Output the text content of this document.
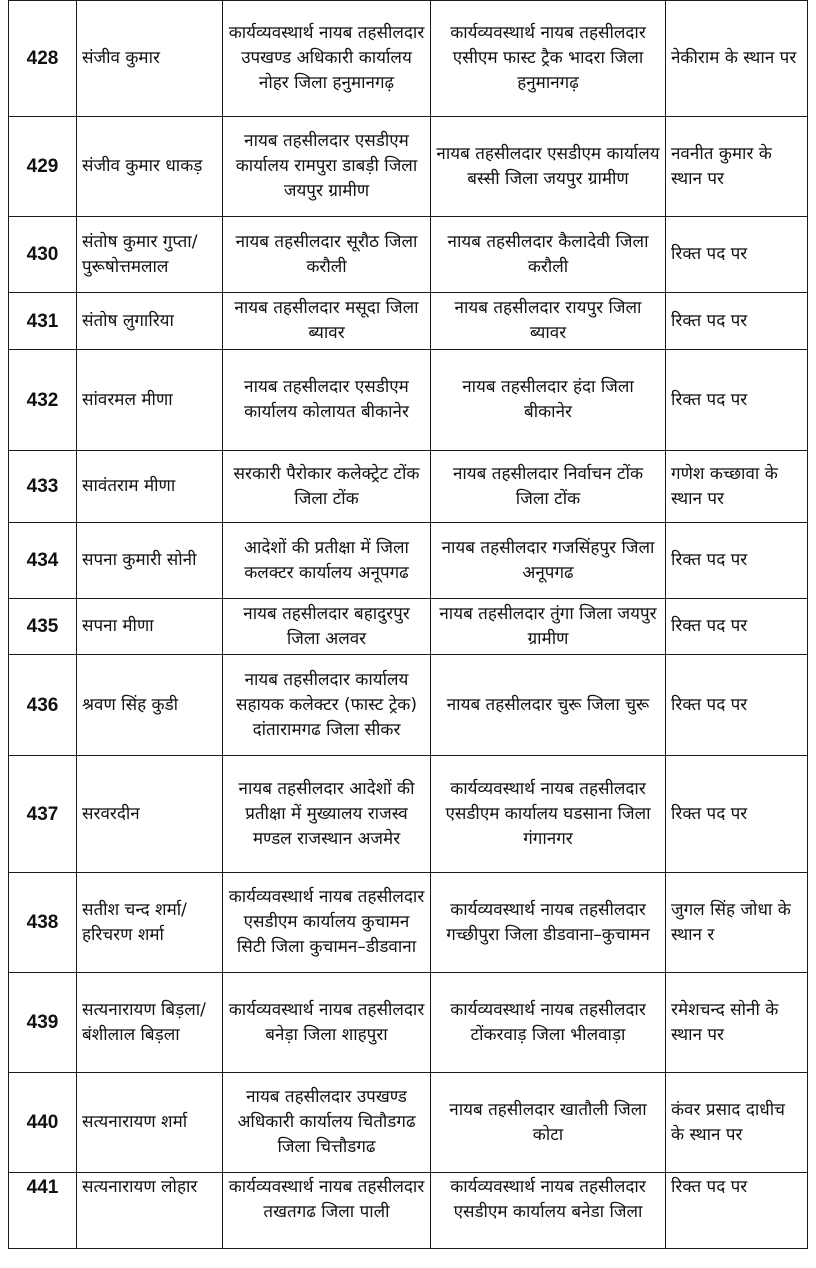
428	संजीव कुमार	कार्यव्यवस्थार्थ नायब तहसीलदार उपखण्ड अधिकारी कार्यालय नोहर जिला हनुमानगढ़	कार्यव्यवस्थार्थ नायब तहसीलदार एसीएम फास्ट ट्रैक भादरा जिला हनुमानगढ़	नेकीराम के स्थान पर
429	संजीव कुमार धाकड़	नायब तहसीलदार एसडीएम कार्यालय रामपुरा डाबड़ी जिला जयपुर ग्रामीण	नायब तहसीलदार एसडीएम कार्यालय बस्सी जिला जयपुर ग्रामीण	नवनीत कुमार के स्थान पर
430	संतोष कुमार गुप्ता/ पुरूषोत्तमलाल	नायब तहसीलदार सूरौठ जिला करौली	नायब तहसीलदार कैलादेवी जिला करौली	रिक्त पद पर
431	संतोष लुगारिया	नायब तहसीलदार मसूदा जिला ब्यावर	नायब तहसीलदार रायपुर जिला ब्यावर	रिक्त पद पर
432	सांवरमल मीणा	नायब तहसीलदार एसडीएम कार्यालय कोलायत बीकानेर	नायब तहसीलदार हंदा जिला बीकानेर	रिक्त पद पर
433	सावंतराम मीणा	सरकारी पैरोकार कलेक्ट्रेट टोंक जिला टोंक	नायब तहसीलदार निर्वाचन टोंक जिला टोंक	गणेश कच्छावा के स्थान पर
434	सपना कुमारी सोनी	आदेशों की प्रतीक्षा में जिला कलक्टर कार्यालय अनूपगढ	नायब तहसीलदार गजसिंहपुर जिला अनूपगढ	रिक्त पद पर
435	सपना मीणा	नायब तहसीलदार बहादुरपुर जिला अलवर	नायब तहसीलदार तुंगा जिला जयपुर ग्रामीण	रिक्त पद पर
436	श्रवण सिंह कुडी	नायब तहसीलदार कार्यालय सहायक कलेक्टर (फास्ट ट्रेक) दांतारामगढ जिला सीकर	नायब तहसीलदार चुरू जिला चुरू	रिक्त पद पर
437	सरवरदीन	नायब तहसीलदार आदेशों की प्रतीक्षा में मुख्यालय राजस्व मण्डल राजस्थान अजमेर	कार्यव्यवस्थार्थ नायब तहसीलदार एसडीएम कार्यालय घडसाना जिला गंगानगर	रिक्त पद पर
438	सतीश चन्द शर्मा/हरिचरण शर्मा	कार्यव्यवस्थार्थ नायब तहसीलदार एसडीएम कार्यालय कुचामन सिटी जिला कुचामन–डीडवाना	कार्यव्यवस्थार्थ नायब तहसीलदार गच्छीपुरा जिला डीडवाना–कुचामन	जुगल सिंह जोधा के स्थान र
439	सत्यनारायण बिड़ला/बंशीलाल बिड़ला	कार्यव्यवस्थार्थ नायब तहसीलदार बनेड़ा जिला शाहपुरा	कार्यव्यवस्थार्थ नायब तहसीलदार टोंकरवाड़ जिला भीलवाड़ा	रमेशचन्द सोनी के स्थान पर
440	सत्यनारायण शर्मा	नायब तहसीलदार उपखण्ड अधिकारी कार्यालय चितौडगढ जिला चित्तौडगढ	नायब तहसीलदार खातौली जिला कोटा	कंवर प्रसाद दाधीच के स्थान पर
441	सत्यनारायण लोहार	कार्यव्यवस्थार्थ नायब तहसीलदार तखतगढ जिला पाली	कार्यव्यवस्थार्थ नायब तहसीलदार एसडीएम कार्यालय बनेडा जिला	रिक्त पद पर
